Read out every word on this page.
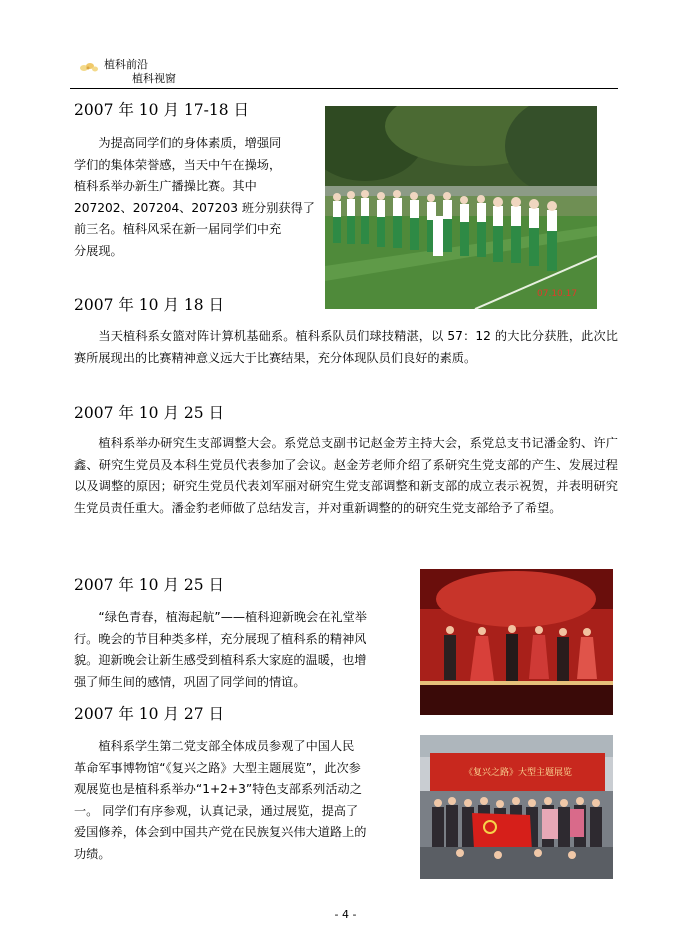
植科前沿
植科视窗
2007 年 10 月 17-18 日

为提高同学们的身体素质，增强同

学们的集体荣誉感，当天中午在操场，

植科系举办新生广播操比赛。其中

207202、207204、207203 班分别获得了

前三名。植科风采在新一届同学们中充

分展现。

07.10.17
2007 年 10 月 18 日
当天植科系女篮对阵计算机基础系。植科系队员们球技精湛，以 57：12 的大比分获胜，此次比赛所展现出的比赛精神意义远大于比赛结果，充分体现队员们良好的素质。
2007 年 10 月 25 日
植科系举办研究生支部调整大会。系党总支副书记赵金芳主持大会，系党总支书记潘金豹、许广鑫、研究生党员及本科生党员代表参加了会议。赵金芳老师介绍了系研究生党支部的产生、发展过程以及调整的原因；研究生党员代表刘军丽对研究生党支部调整和新支部的成立表示祝贺，并表明研究生党员责任重大。潘金豹老师做了总结发言，并对重新调整的的研究生党支部给予了希望。
2007 年 10 月 25 日

“绿色青春，植海起航”——植科迎新晚会在礼堂举

行。晚会的节目种类多样，充分展现了植科系的精神风

貌。迎新晚会让新生感受到植科系大家庭的温暖，也增

强了师生间的感情，巩固了同学间的情谊。

2007 年 10 月 27 日

植科系学生第二党支部全体成员参观了中国人民

革命军事博物馆“《复兴之路》大型主题展览”，此次参

观展览也是植科系举办“1+2+3”特色支部系列活动之

一。 同学们有序参观，认真记录，通过展览，提高了

爱国修养，体会到中国共产党在民族复兴伟大道路上的

功绩。

《复兴之路》大型主题展览
- 4 -
